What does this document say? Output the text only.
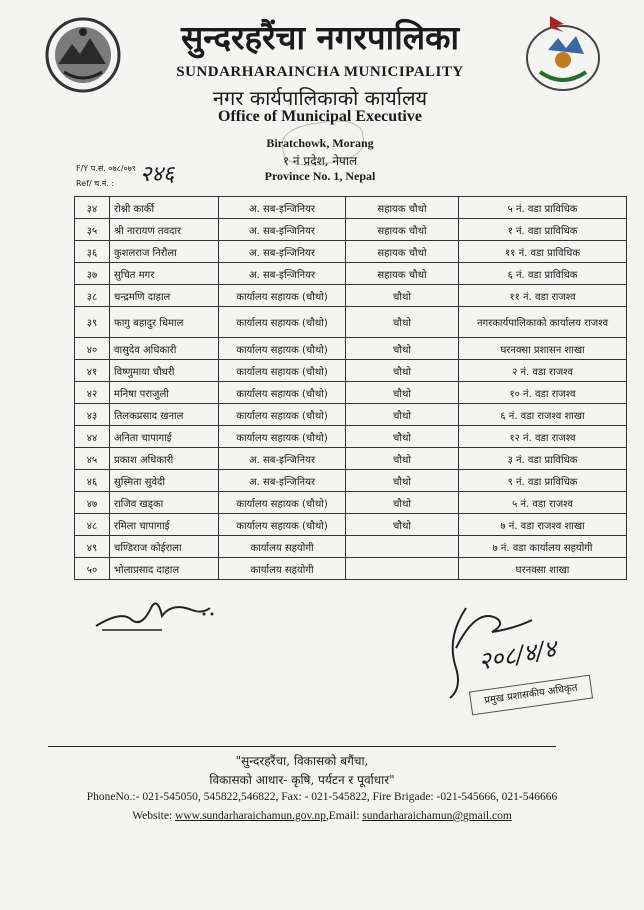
सुन्दरहरैंचा नगरपालिका
SUNDARHARAINCHA MUNICIPALITY
नगर कार्यपालिकाको कार्यालय
Office of Municipal Executive
Biratchowk, Morang
१ नं प्रदेश, नेपाल
Province No. 1, Nepal
F/Y प.सं. ०७८/०७९
Ref/ च.नं. : २४६
३४	रोश्नी कार्की	अ. सब-इन्जिनियर	सहायक चौथो	५ नं. वडा प्राविधिक
३५	श्री नारायण तवदार	अ. सब-इन्जिनियर	सहायक चौथो	१ नं. वडा प्राविधिक
३६	कुशलराज निरौला	अ. सब-इन्जिनियर	सहायक चौथो	११ नं. वडा प्राविधिक
३७	सुचित मगर	अ. सब-इन्जिनियर	सहायक चौथो	६ नं. वडा प्राविधिक
३८	चन्द्रमणि दाहाल	कार्यालय सहायक (चौथो)	चौथो	११ नं. वडा राजश्व
३९	फागु बहादुर धिमाल	कार्यालय सहायक (चौथो)	चौथो	नगरकार्यपालिकाको कार्यालय राजश्व
४०	वासुदेव अधिकारी	कार्यालय सहायक (चौथो)	चौथो	घरनक्सा प्रशासन शाखा
४१	विष्णुमाया चौधरी	कार्यालय सहायक (चौथो)	चौथो	२ नं. वडा राजश्व
४२	मनिषा पराजुली	कार्यालय सहायक (चौथो)	चौथो	१० नं. वडा राजश्व
४३	तिलकप्रसाद खनाल	कार्यालय सहायक (चौथो)	चौथो	६ नं. वडा राजश्व शाखा
४४	अनिता चापागाई	कार्यालय सहायक (चौथो)	चौथो	१२ नं. वडा राजश्व
४५	प्रकाश अधिकारी	अ. सब-इन्जिनियर	चौथो	३ नं. वडा प्राविधिक
४६	सुस्मिता सुवेदी	अ. सब-इन्जिनियर	चौथो	९ नं. वडा प्राविधिक
४७	राजिव खड्का	कार्यालय सहायक (चौथो)	चौथो	५ नं. वडा राजश्व
४८	रमिला चापागाई	कार्यालय सहायक (चौथो)	चौथो	७ नं. वडा राजश्व शाखा
४९	चण्डिराज कोईराला	कार्यालय सहयोगी		७ नं. वडा कार्यालय सहयोगी
५०	भोलाप्रसाद दाहाल	कार्यालय सहयोगी		घरनक्सा शाखा
२०८/४/४
प्रमुख प्रशासकीय अधिकृत
"सुन्दरहरैंचा, विकासको बगैंचा,
विकासको आधार- कृषि, पर्यटन र पूर्वाधार"
PhoneNo.:- 021-545050, 545822,546822, Fax: - 021-545822, Fire Brigade: -021-545666, 021-546666
Website: www.sundarharaichamun.gov.np,Email: sundarharaichamun@gmail.com
